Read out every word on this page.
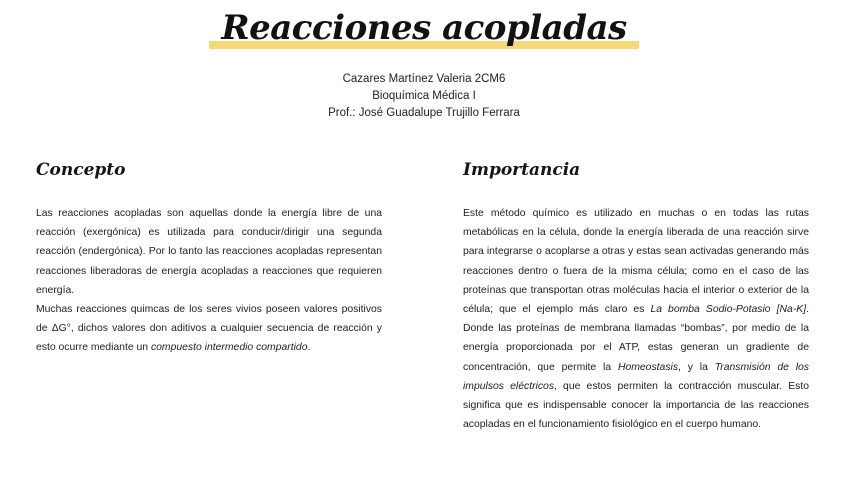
Reacciones acopladas
Cazares Martínez Valeria 2CM6
Bioquímica Médica I
Prof.: José Guadalupe Trujillo Ferrara
Concepto

Las reacciones acopladas son aquellas donde la energía libre de una reacción (exergónica) es utilizada para conducir/dirigir una segunda reacción (endergónica). Por lo tanto las reacciones acopladas representan reacciones liberadoras de energía acopladas a reacciones que requieren energía.
Muchas reacciones quimcas de los seres vivios poseen valores positivos de ΔG°, dichos valores don aditivos a cualquier secuencia de reacción y esto ocurre mediante un compuesto intermedio compartido.

Importancia

Este método químico es utilizado en muchas o en todas las rutas metabólicas en la célula, donde la energía liberada de una reacción sirve para integrarse o acoplarse a otras y estas sean activadas generando más reacciones dentro o fuera de la misma célula; como en el caso de las proteínas que transportan otras moléculas hacia el interior o exterior de la célula; que el ejemplo más claro es La bomba Sodio-Potasio [Na-K]. Donde las proteínas de membrana llamadas “bombas”, por medio de la energía proporcionada por el ATP, estas generan un gradiente de concentración, que permite la Homeostasis, y la Transmisión de los impulsos eléctricos, que estos permiten la contracción muscular. Esto significa que es indispensable conocer la importancia de las reacciones acopladas en el funcionamiento fisiológico en el cuerpo humano.
